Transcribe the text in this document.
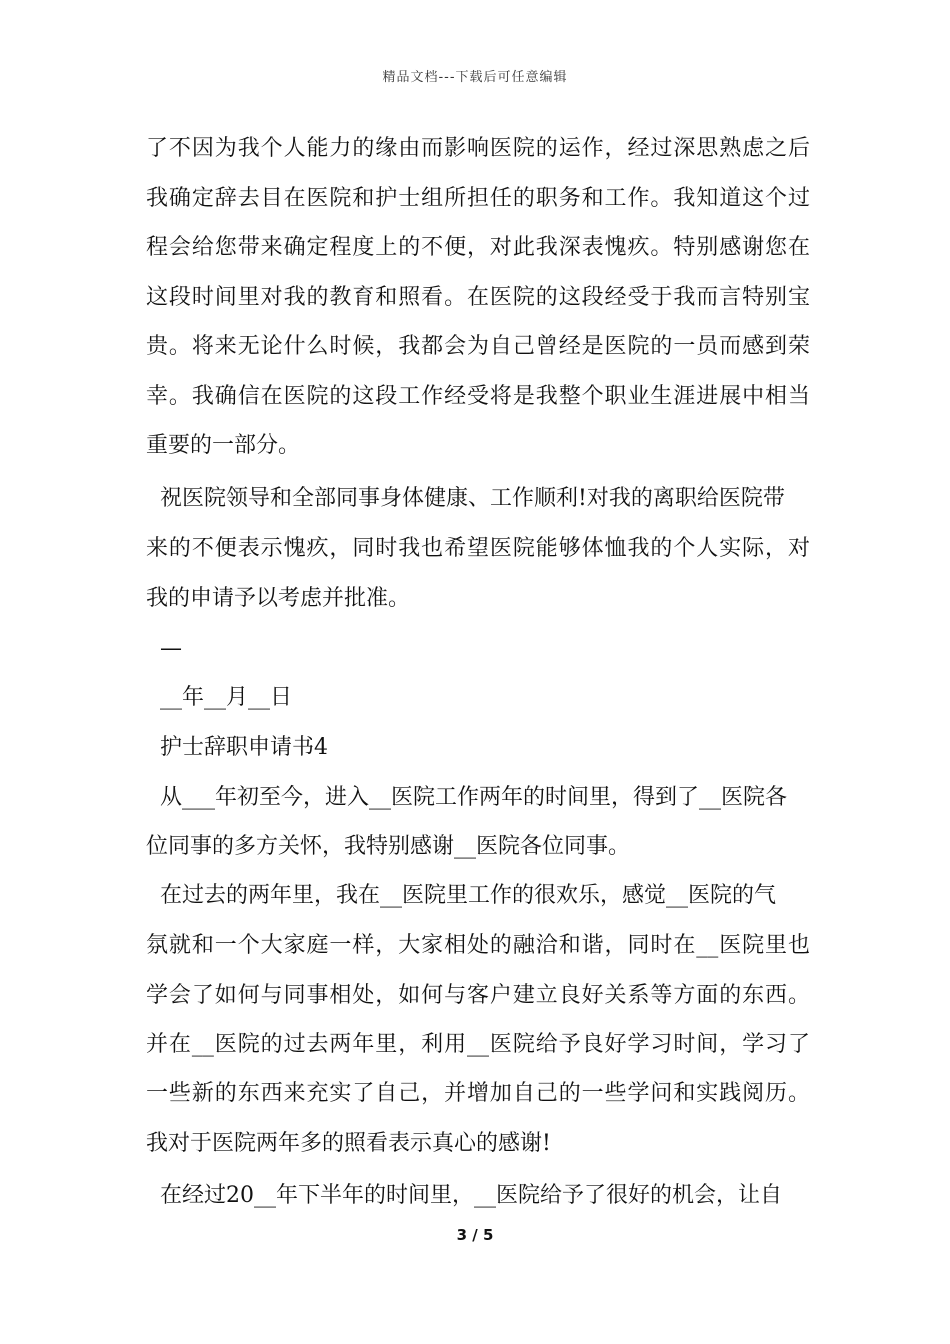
精品文档---下载后可任意编辑
了不因为我个人能力的缘由而影响医院的运作，经过深思熟虑之后
我确定辞去目在医院和护士组所担任的职务和工作。我知道这个过
程会给您带来确定程度上的不便，对此我深表愧疚。特别感谢您在
这段时间里对我的教育和照看。在医院的这段经受于我而言特别宝
贵。将来无论什么时候，我都会为自己曾经是医院的一员而感到荣
幸。我确信在医院的这段工作经受将是我整个职业生涯进展中相当
重要的一部分。
祝医院领导和全部同事身体健康、工作顺利!对我的离职给医院带
来的不便表示愧疚，同时我也希望医院能够体恤我的个人实际，对
我的申请予以考虑并批准。
—
__年__月__日
护士辞职申请书4
从___年初至今，进入__医院工作两年的时间里，得到了__医院各
位同事的多方关怀，我特别感谢__医院各位同事。
在过去的两年里，我在__医院里工作的很欢乐，感觉__医院的气
氛就和一个大家庭一样，大家相处的融洽和谐，同时在__医院里也
学会了如何与同事相处，如何与客户建立良好关系等方面的东西。
并在__医院的过去两年里，利用__医院给予良好学习时间，学习了
一些新的东西来充实了自己，并增加自己的一些学问和实践阅历。
我对于医院两年多的照看表示真心的感谢!
在经过20__年下半年的时间里，__医院给予了很好的机会，让自
3 / 5
